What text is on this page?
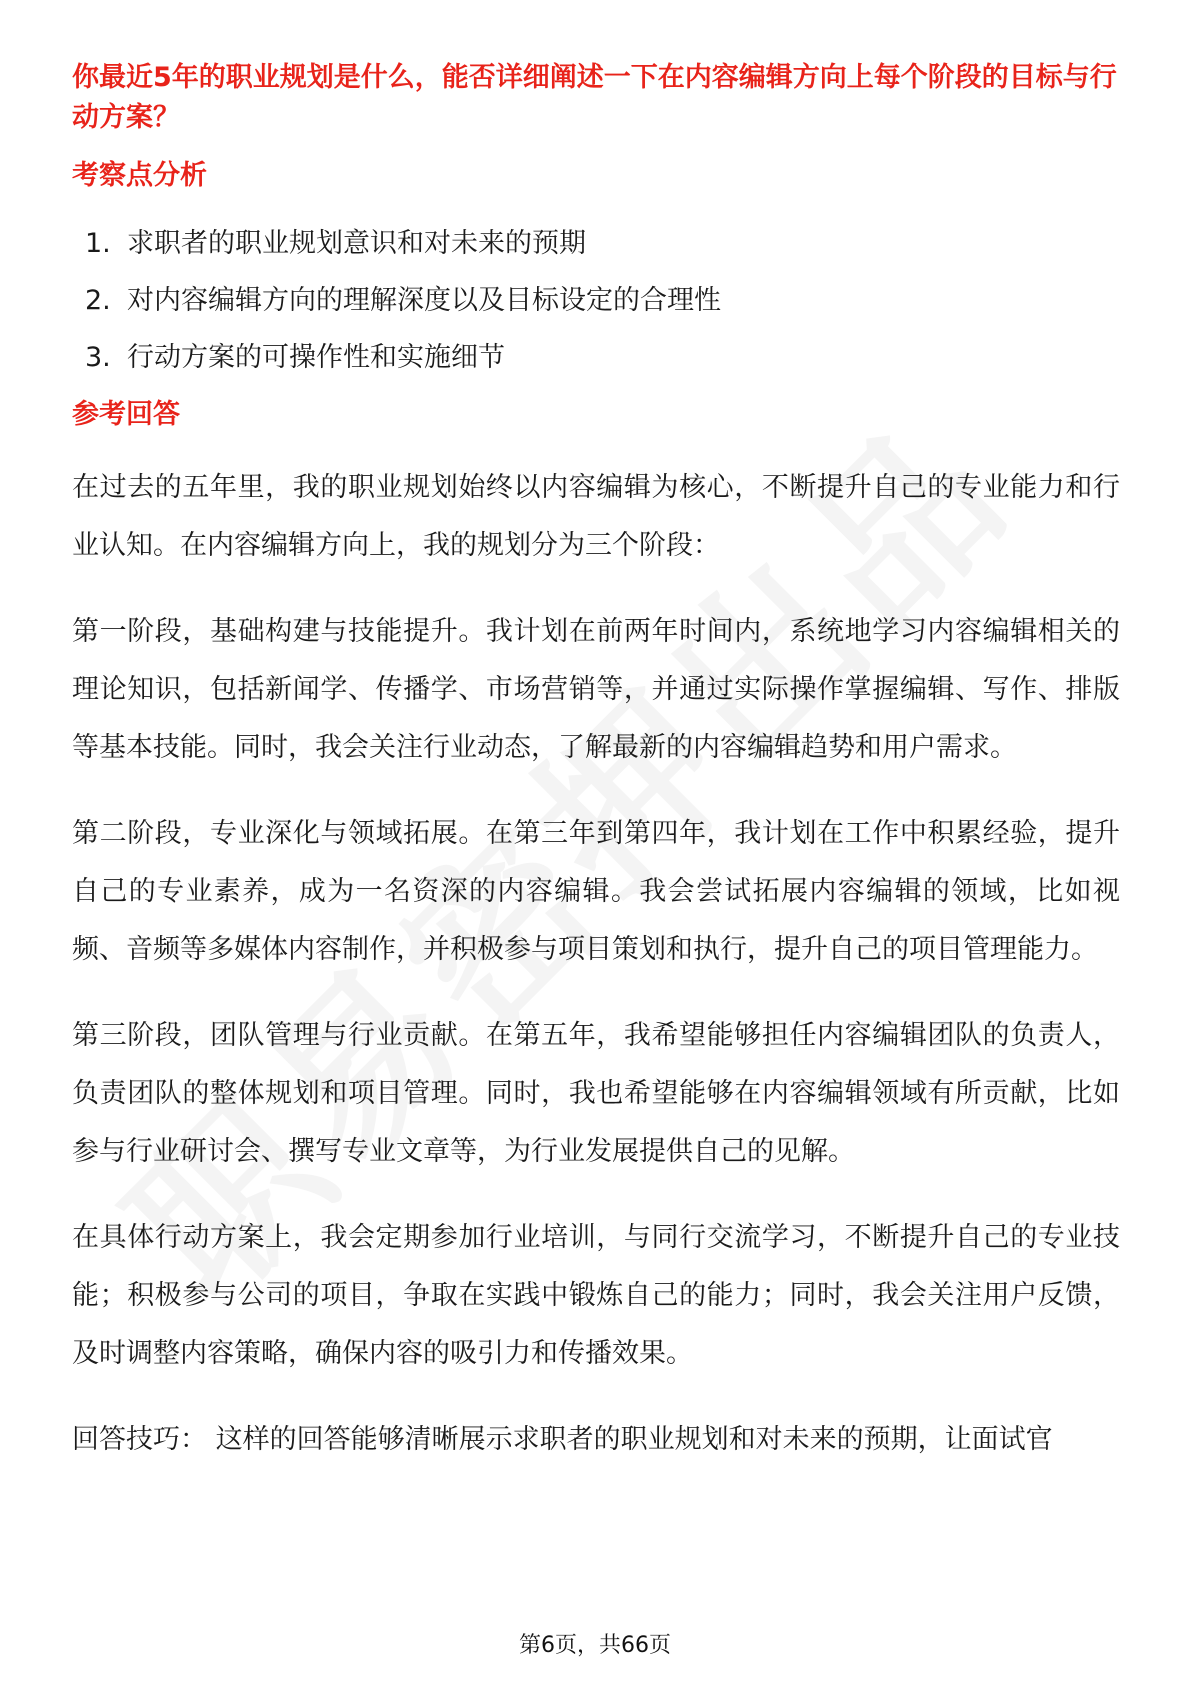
你最近5年的职业规划是什么，能否详细阐述一下在内容编辑方向上每个阶段的目标与行动方案？
考察点分析
1. 求职者的职业规划意识和对未来的预期
2. 对内容编辑方向的理解深度以及目标设定的合理性
3. 行动方案的可操作性和实施细节
参考回答

在过去的五年里，我的职业规划始终以内容编辑为核心，不断提升自己的专业能力和行业认知。在内容编辑方向上，我的规划分为三个阶段：

第一阶段，基础构建与技能提升。我计划在前两年时间内，系统地学习内容编辑相关的理论知识，包括新闻学、传播学、市场营销等，并通过实际操作掌握编辑、写作、排版等基本技能。同时，我会关注行业动态，了解最新的内容编辑趋势和用户需求。

第二阶段，专业深化与领域拓展。在第三年到第四年，我计划在工作中积累经验，提升自己的专业素养，成为一名资深的内容编辑。我会尝试拓展内容编辑的领域，比如视频、音频等多媒体内容制作，并积极参与项目策划和执行，提升自己的项目管理能力。

第三阶段，团队管理与行业贡献。在第五年，我希望能够担任内容编辑团队的负责人，负责团队的整体规划和项目管理。同时，我也希望能够在内容编辑领域有所贡献，比如参与行业研讨会、撰写专业文章等，为行业发展提供自己的见解。

在具体行动方案上，我会定期参加行业培训，与同行交流学习，不断提升自己的专业技能；积极参与公司的项目，争取在实践中锻炼自己的能力；同时，我会关注用户反馈，及时调整内容策略，确保内容的吸引力和传播效果。

回答技巧： 这样的回答能够清晰展示求职者的职业规划和对未来的预期，让面试官

第6页，共66页
